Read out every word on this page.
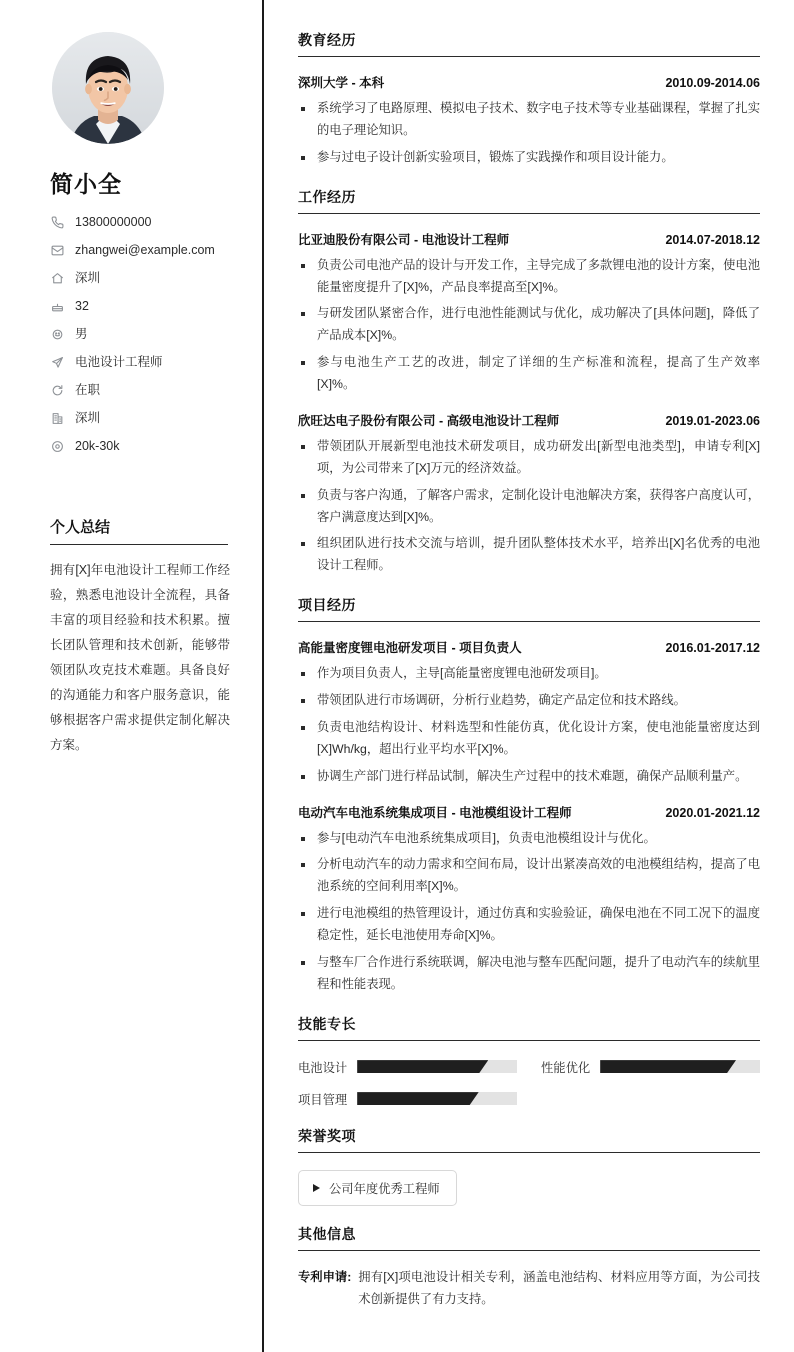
简小全
13800000000
zhangwei@example.com
深圳
32
男
电池设计工程师
在职
深圳
20k-30k
个人总结

拥有[X]年电池设计工程师工作经验，熟悉电池设计全流程，具备丰富的项目经验和技术积累。擅长团队管理和技术创新，能够带领团队攻克技术难题。具备良好的沟通能力和客户服务意识，能够根据客户需求提供定制化解决方案。

教育经历
深圳大学 - 本科	2010.09-2014.06
系统学习了电路原理、模拟电子技术、数字电子技术等专业基础课程，掌握了扎实的电子理论知识。
参与过电子设计创新实验项目，锻炼了实践操作和项目设计能力。
工作经历
比亚迪股份有限公司 - 电池设计工程师	2014.07-2018.12
负责公司电池产品的设计与开发工作，主导完成了多款锂电池的设计方案，使电池能量密度提升了[X]%，产品良率提高至[X]%。
与研发团队紧密合作，进行电池性能测试与优化，成功解决了[具体问题]，降低了产品成本[X]%。
参与电池生产工艺的改进，制定了详细的生产标准和流程，提高了生产效率[X]%。
欣旺达电子股份有限公司 - 高级电池设计工程师	2019.01-2023.06
带领团队开展新型电池技术研发项目，成功研发出[新型电池类型]，申请专利[X]项，为公司带来了[X]万元的经济效益。
负责与客户沟通，了解客户需求，定制化设计电池解决方案，获得客户高度认可，客户满意度达到[X]%。
组织团队进行技术交流与培训，提升团队整体技术水平，培养出[X]名优秀的电池设计工程师。
项目经历
高能量密度锂电池研发项目 - 项目负责人	2016.01-2017.12
作为项目负责人，主导[高能量密度锂电池研发项目]。
带领团队进行市场调研，分析行业趋势，确定产品定位和技术路线。
负责电池结构设计、材料选型和性能仿真，优化设计方案，使电池能量密度达到[X]Wh/kg，超出行业平均水平[X]%。
协调生产部门进行样品试制，解决生产过程中的技术难题，确保产品顺利量产。
电动汽车电池系统集成项目 - 电池模组设计工程师	2020.01-2021.12
参与[电动汽车电池系统集成项目]，负责电池模组设计与优化。
分析电动汽车的动力需求和空间布局，设计出紧凑高效的电池模组结构，提高了电池系统的空间利用率[X]%。
进行电池模组的热管理设计，通过仿真和实验验证，确保电池在不同工况下的温度稳定性，延长电池使用寿命[X]%。
与整车厂合作进行系统联调，解决电池与整车匹配问题，提升了电动汽车的续航里程和性能表现。
技能专长
电池设计	性能优化
项目管理
荣誉奖项
公司年度优秀工程师
其他信息
专利申请: 拥有[X]项电池设计相关专利，涵盖电池结构、材料应用等方面，为公司技术创新提供了有力支持。
